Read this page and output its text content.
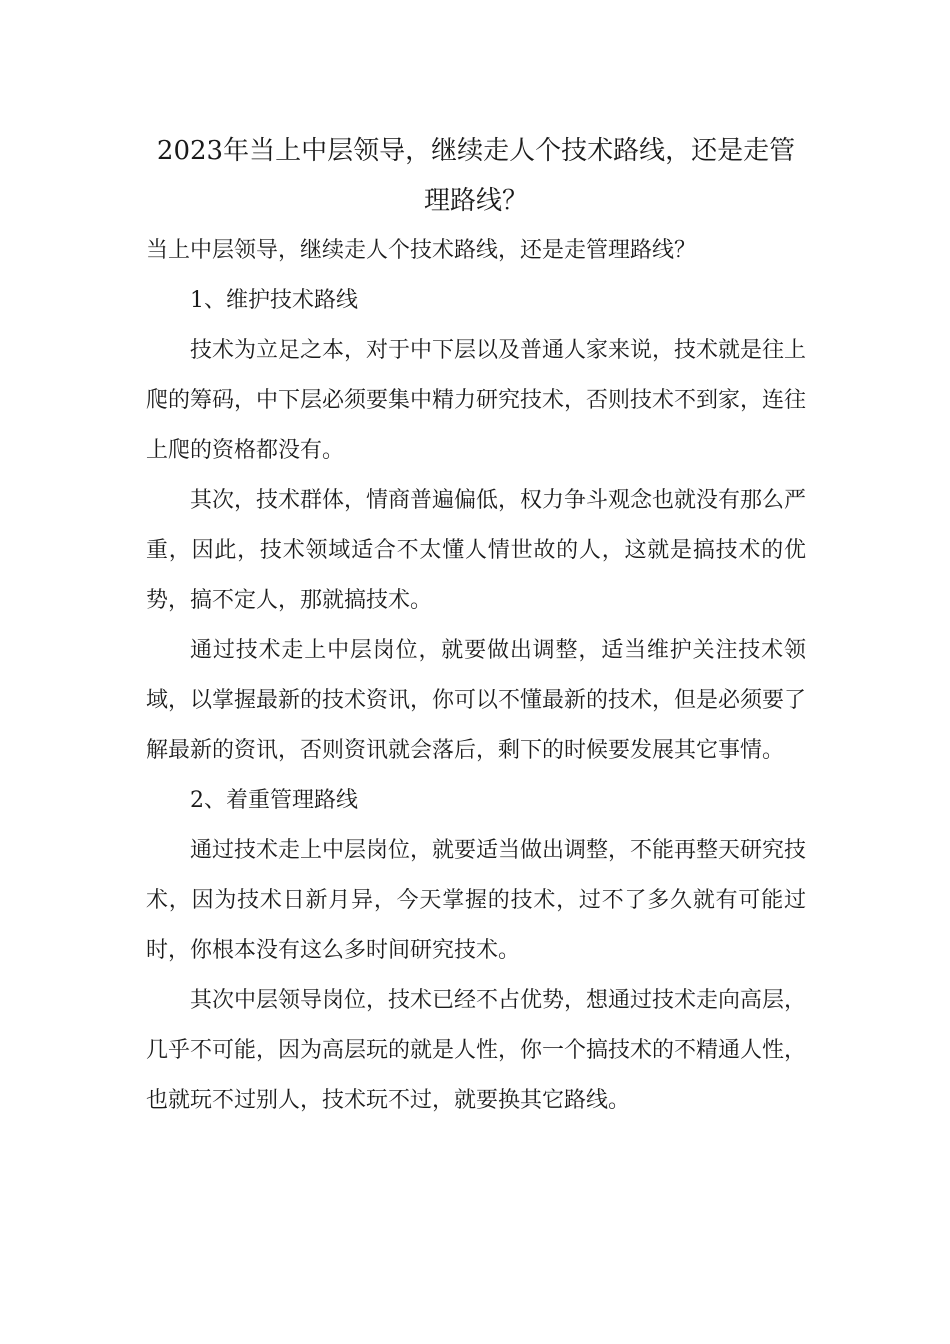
2023年当上中层领导，继续走人个技术路线，还是走管理路线？

当上中层领导，继续走人个技术路线，还是走管理路线？

1、维护技术路线

技术为立足之本，对于中下层以及普通人家来说，技术就是往上爬的筹码，中下层必须要集中精力研究技术，否则技术不到家，连往上爬的资格都没有。

其次，技术群体，情商普遍偏低，权力争斗观念也就没有那么严重，因此，技术领域适合不太懂人情世故的人，这就是搞技术的优势，搞不定人，那就搞技术。

通过技术走上中层岗位，就要做出调整，适当维护关注技术领域，以掌握最新的技术资讯，你可以不懂最新的技术，但是必须要了解最新的资讯，否则资讯就会落后，剩下的时候要发展其它事情。

2、着重管理路线

通过技术走上中层岗位，就要适当做出调整，不能再整天研究技术，因为技术日新月异，今天掌握的技术，过不了多久就有可能过时，你根本没有这么多时间研究技术。

其次中层领导岗位，技术已经不占优势，想通过技术走向高层，几乎不可能，因为高层玩的就是人性，你一个搞技术的不精通人性，也就玩不过别人，技术玩不过，就要换其它路线。
